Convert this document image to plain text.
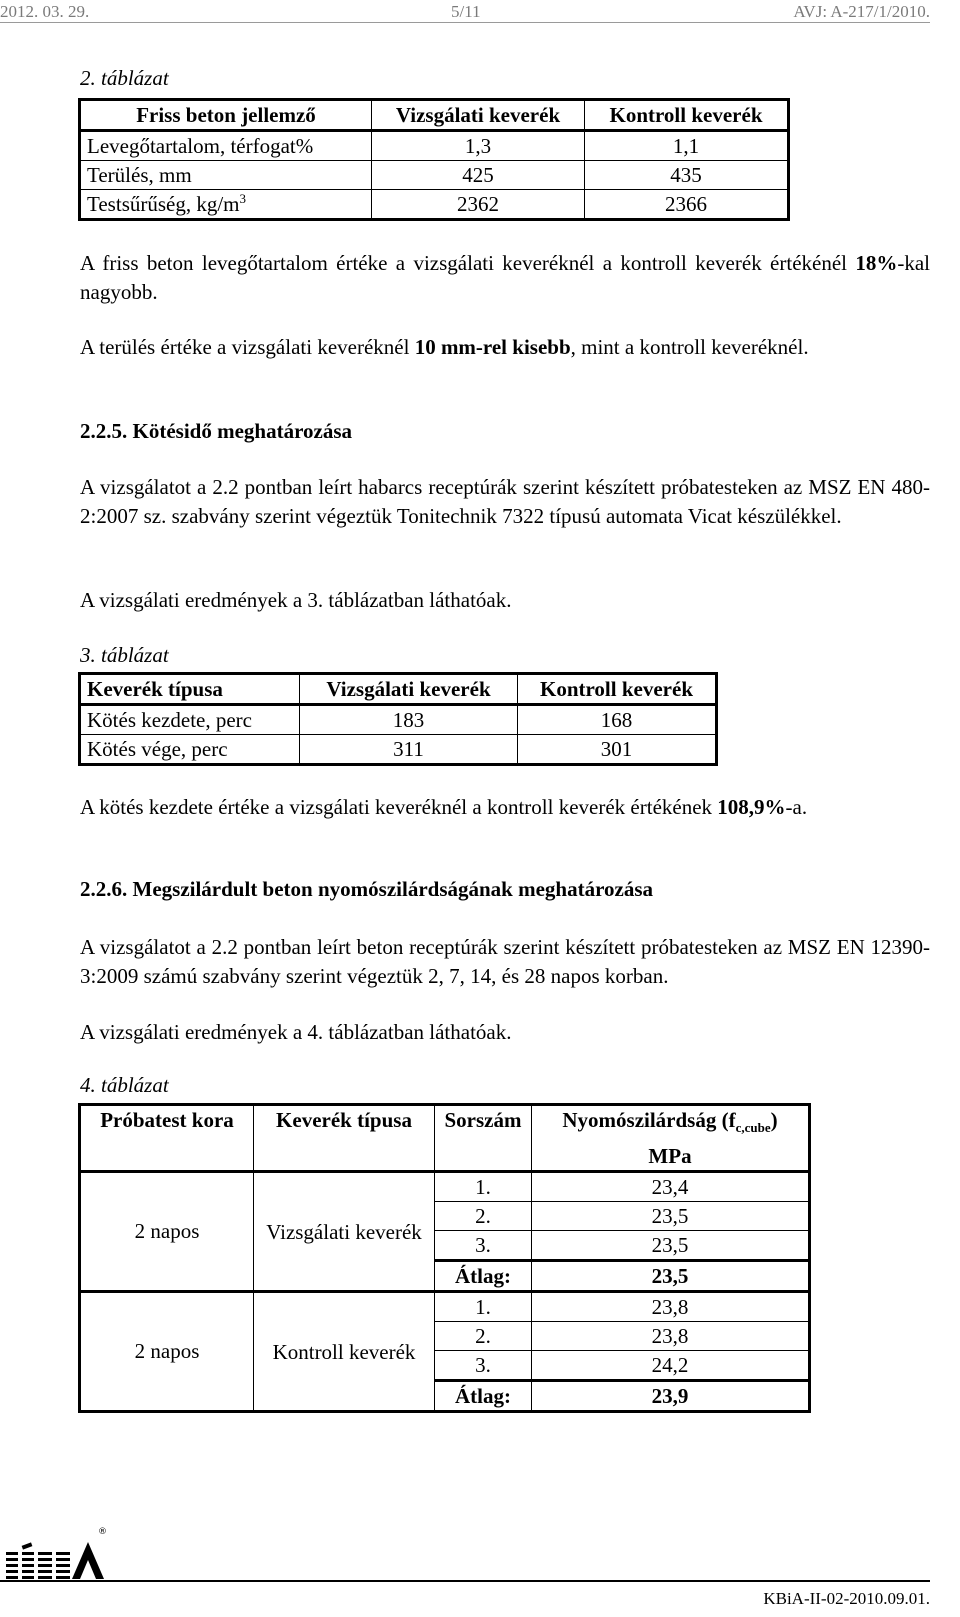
2012. 03. 29.	5/11	AVJ: A-217/1/2010.
2. táblázat
Friss beton jellemző	Vizsgálati keverék	Kontroll keverék
Levegőtartalom, térfogat%	1,3	1,1
Terülés, mm	425	435
Testsűrűség, $kg/m^3$	2362	2366

A friss beton levegőtartalom értéke a vizsgálati keveréknél a kontroll keverék értékénél 18%-kal nagyobb.

A terülés értéke a vizsgálati keveréknél 10 mm-rel kisebb, mint a kontroll keveréknél.

2.2.5. Kötésidő meghatározása

A vizsgálatot a 2.2 pontban leírt habarcs receptúrák szerint készített próbatesteken az MSZ EN 480-2:2007 sz. szabvány szerint végeztük Tonitechnik 7322 típusú automata Vicat készülékkel.

A vizsgálati eredmények a 3. táblázatban láthatóak.

3. táblázat
Keverék típusa	Vizsgálati keverék	Kontroll keverék
Kötés kezdete, perc	183	168
Kötés vége, perc	311	301

A kötés kezdete értéke a vizsgálati keveréknél a kontroll keverék értékének 108,9%-a.

2.2.6. Megszilárdult beton nyomószilárdságának meghatározása

A vizsgálatot a 2.2 pontban leírt beton receptúrák szerint készített próbatesteken az MSZ EN 12390-3:2009 számú szabvány szerint végeztük 2, 7, 14, és 28 napos korban.

A vizsgálati eredmények a 4. táblázatban láthatóak.

4. táblázat
Próbatest kora	Keverék típusa	Sorszám	Nyomószilárdság $(f_{c,cube})$
MPa
2 napos	Vizsgálati keverék	1.	23,4
		2.	23,5
		3.	23,5
		Átlag:	23,5
2 napos	Kontroll keverék	1.	23,8
		2.	23,8
		3.	24,2
		Átlag:	23,9
®
KBiA-II-02-2010.09.01.
